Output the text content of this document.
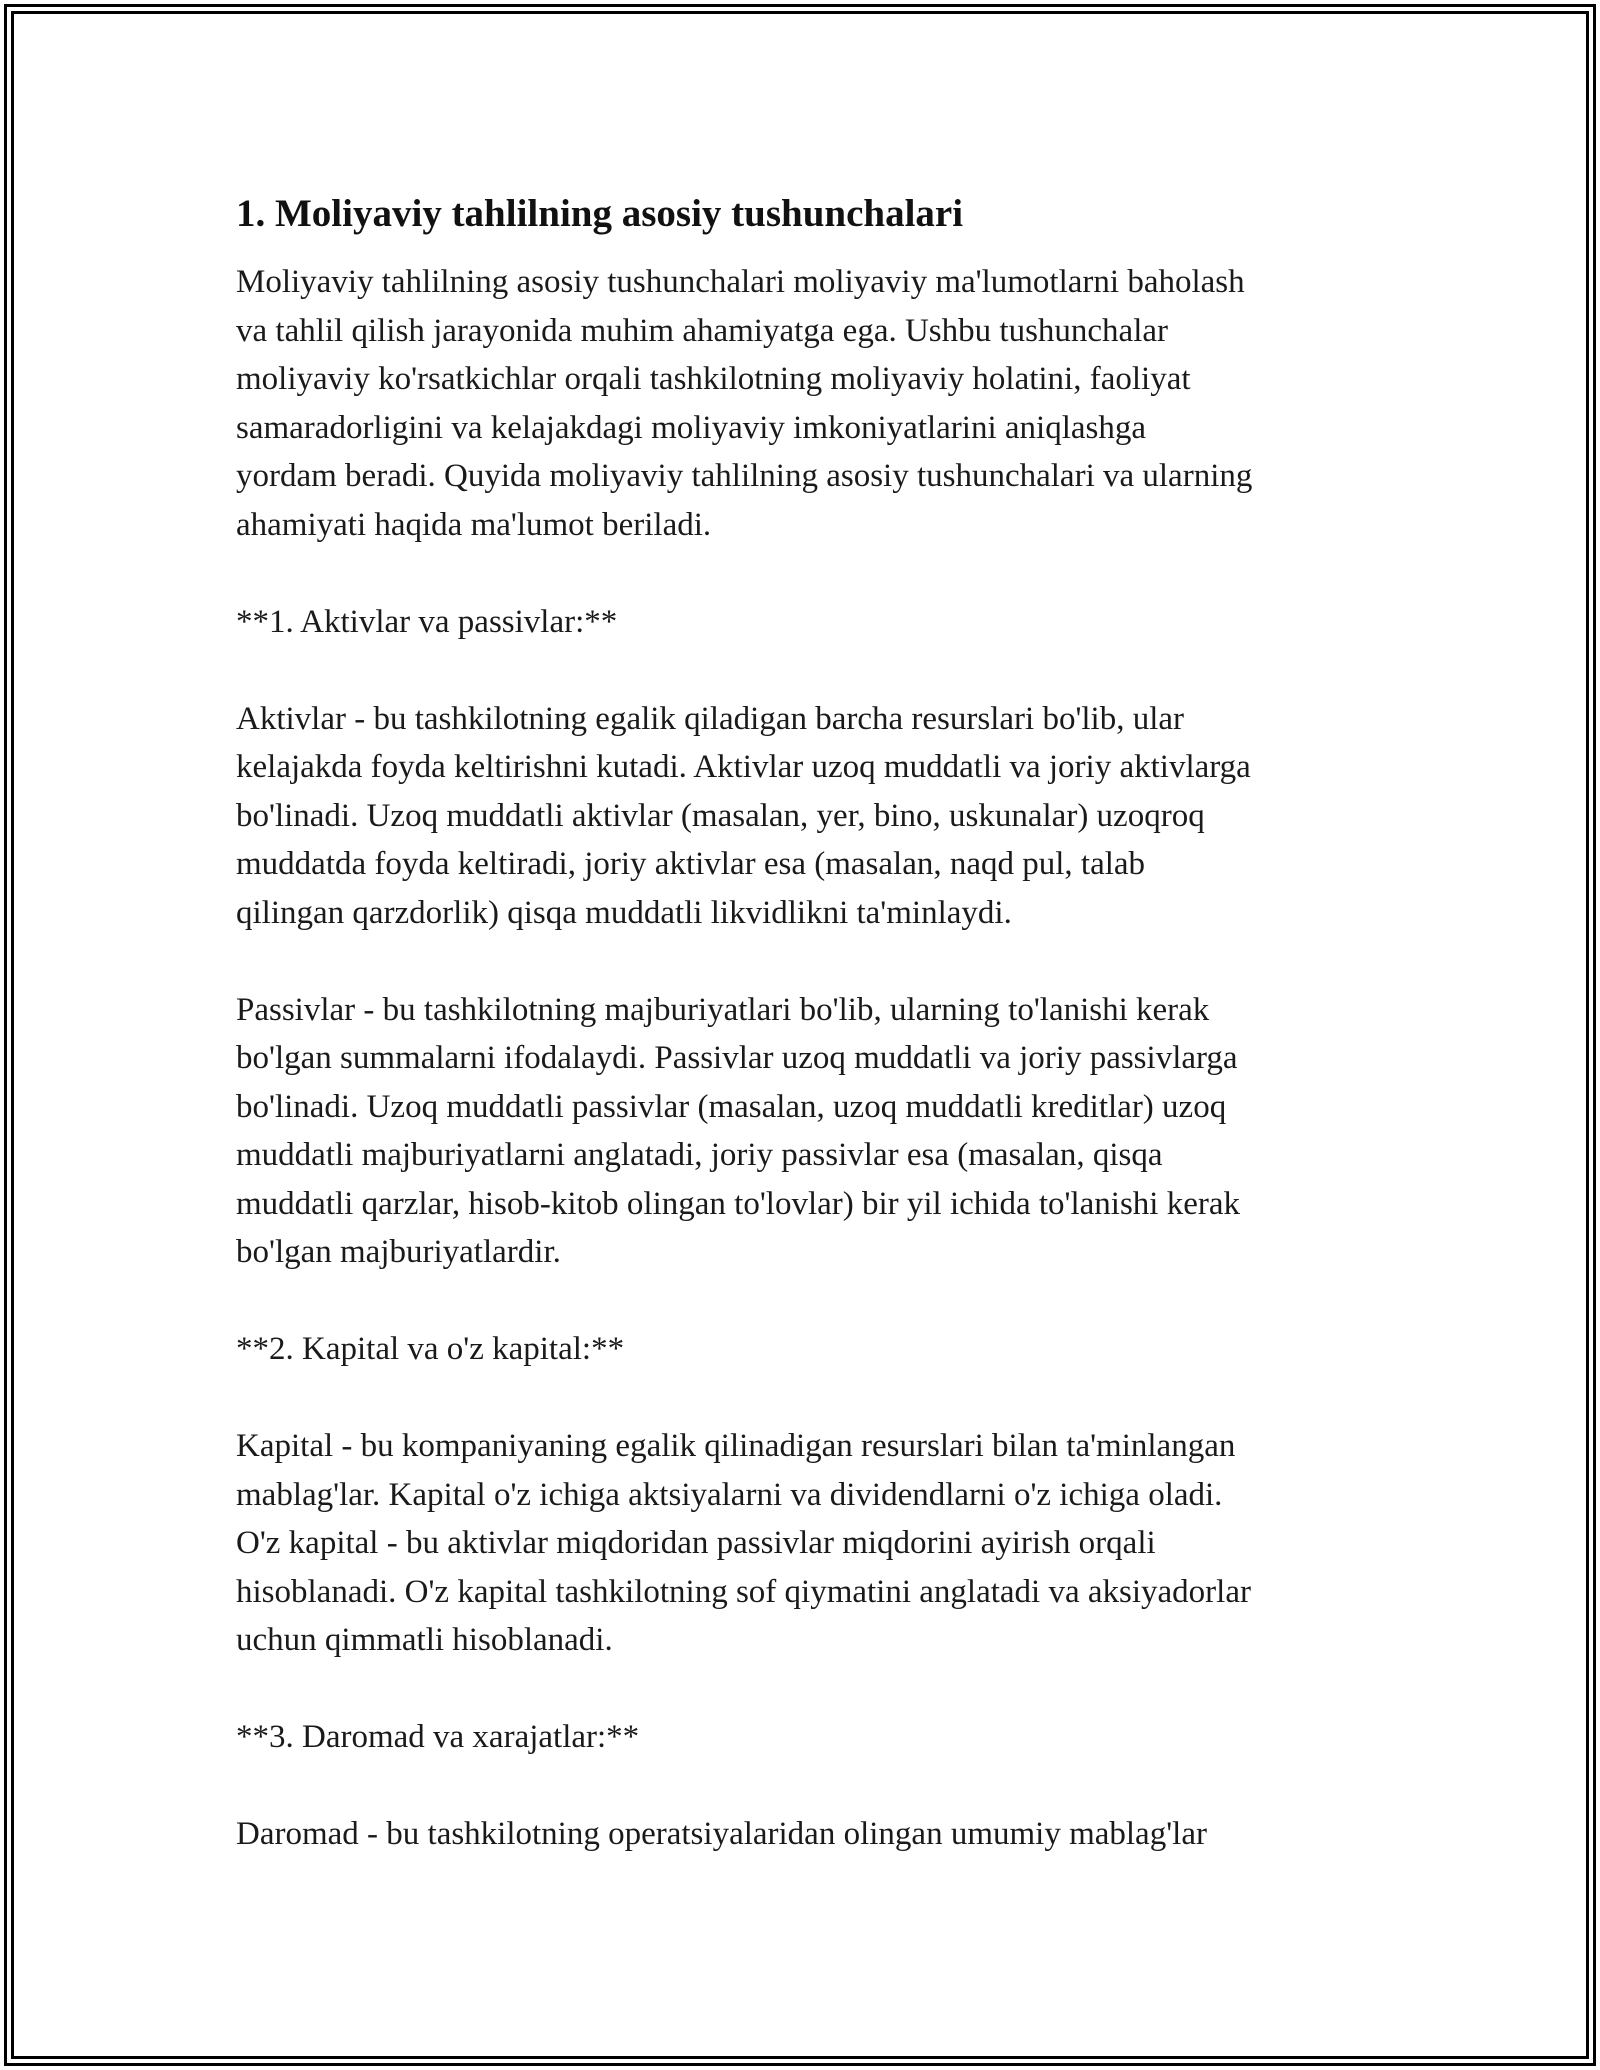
1. Moliyaviy tahlilning asosiy tushunchalari

Moliyaviy tahlilning asosiy tushunchalari moliyaviy ma'lumotlarni baholash
va tahlil qilish jarayonida muhim ahamiyatga ega. Ushbu tushunchalar
moliyaviy ko'rsatkichlar orqali tashkilotning moliyaviy holatini, faoliyat
samaradorligini va kelajakdagi moliyaviy imkoniyatlarini aniqlashga
yordam beradi. Quyida moliyaviy tahlilning asosiy tushunchalari va ularning
ahamiyati haqida ma'lumot beriladi.

**1. Aktivlar va passivlar:**

Aktivlar - bu tashkilotning egalik qiladigan barcha resurslari bo'lib, ular
kelajakda foyda keltirishni kutadi. Aktivlar uzoq muddatli va joriy aktivlarga
bo'linadi. Uzoq muddatli aktivlar (masalan, yer, bino, uskunalar) uzoqroq
muddatda foyda keltiradi, joriy aktivlar esa (masalan, naqd pul, talab
qilingan qarzdorlik) qisqa muddatli likvidlikni ta'minlaydi.

Passivlar - bu tashkilotning majburiyatlari bo'lib, ularning to'lanishi kerak
bo'lgan summalarni ifodalaydi. Passivlar uzoq muddatli va joriy passivlarga
bo'linadi. Uzoq muddatli passivlar (masalan, uzoq muddatli kreditlar) uzoq
muddatli majburiyatlarni anglatadi, joriy passivlar esa (masalan, qisqa
muddatli qarzlar, hisob-kitob olingan to'lovlar) bir yil ichida to'lanishi kerak
bo'lgan majburiyatlardir.

**2. Kapital va o'z kapital:**

Kapital - bu kompaniyaning egalik qilinadigan resurslari bilan ta'minlangan
mablag'lar. Kapital o'z ichiga aktsiyalarni va dividendlarni o'z ichiga oladi.
O'z kapital - bu aktivlar miqdoridan passivlar miqdorini ayirish orqali
hisoblanadi. O'z kapital tashkilotning sof qiymatini anglatadi va aksiyadorlar
uchun qimmatli hisoblanadi.

**3. Daromad va xarajatlar:**

Daromad - bu tashkilotning operatsiyalaridan olingan umumiy mablag'lar
